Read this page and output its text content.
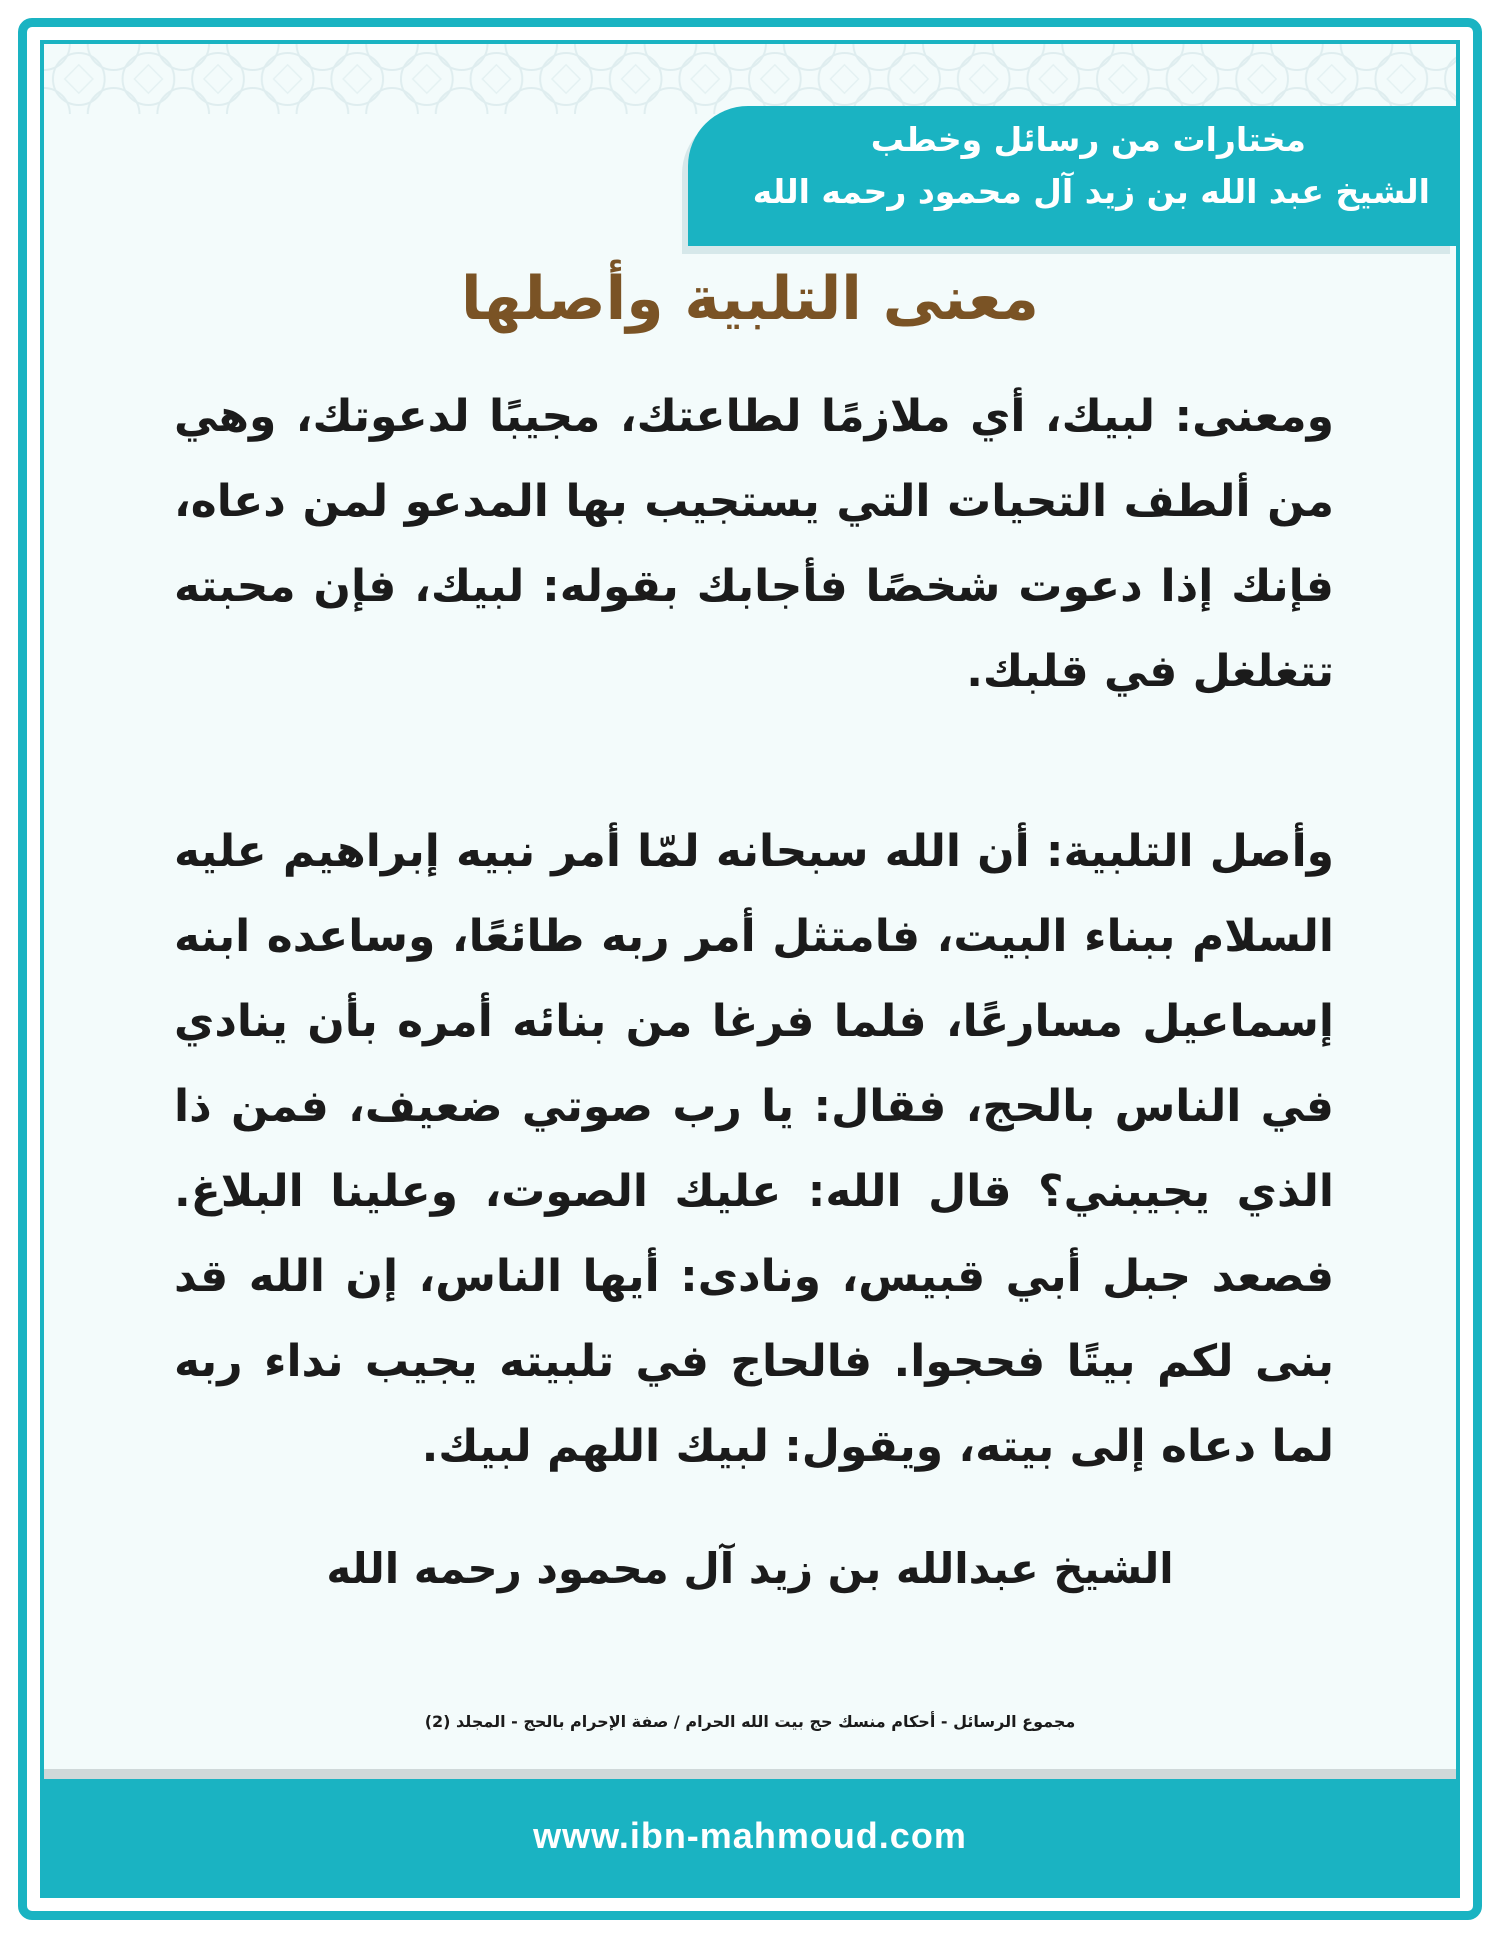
مختارات من رسائل وخطب
الشيخ عبد الله بن زيد آل محمود رحمه الله
معنى التلبية وأصلها
ومعنى: لبيك، أي ملازمًا لطاعتك، مجيبًا لدعوتك، وهي من ألطف التحيات التي يستجيب بها المدعو لمن دعاه، فإنك إذا دعوت شخصًا فأجابك بقوله: لبيك، فإن محبته تتغلغل في قلبك.
وأصل التلبية: أن الله سبحانه لمّا أمر نبيه إبراهيم عليه السلام ببناء البيت، فامتثل أمر ربه طائعًا، وساعده ابنه إسماعيل مسارعًا، فلما فرغا من بنائه أمره بأن ينادي في الناس بالحج، فقال: يا رب صوتي ضعيف، فمن ذا الذي يجيبني؟ قال الله: عليك الصوت، وعلينا البلاغ. فصعد جبل أبي قبيس، ونادى: أيها الناس، إن الله قد بنى لكم بيتًا فحجوا. فالحاج في تلبيته يجيب نداء ربه لما دعاه إلى بيته، ويقول: لبيك اللهم لبيك.
الشيخ عبدالله بن زيد آل محمود رحمه الله
مجموع الرسائل - أحكام منسك حج بيت الله الحرام / صفة الإحرام بالحج - المجلد (2)
www.ibn-mahmoud.com
